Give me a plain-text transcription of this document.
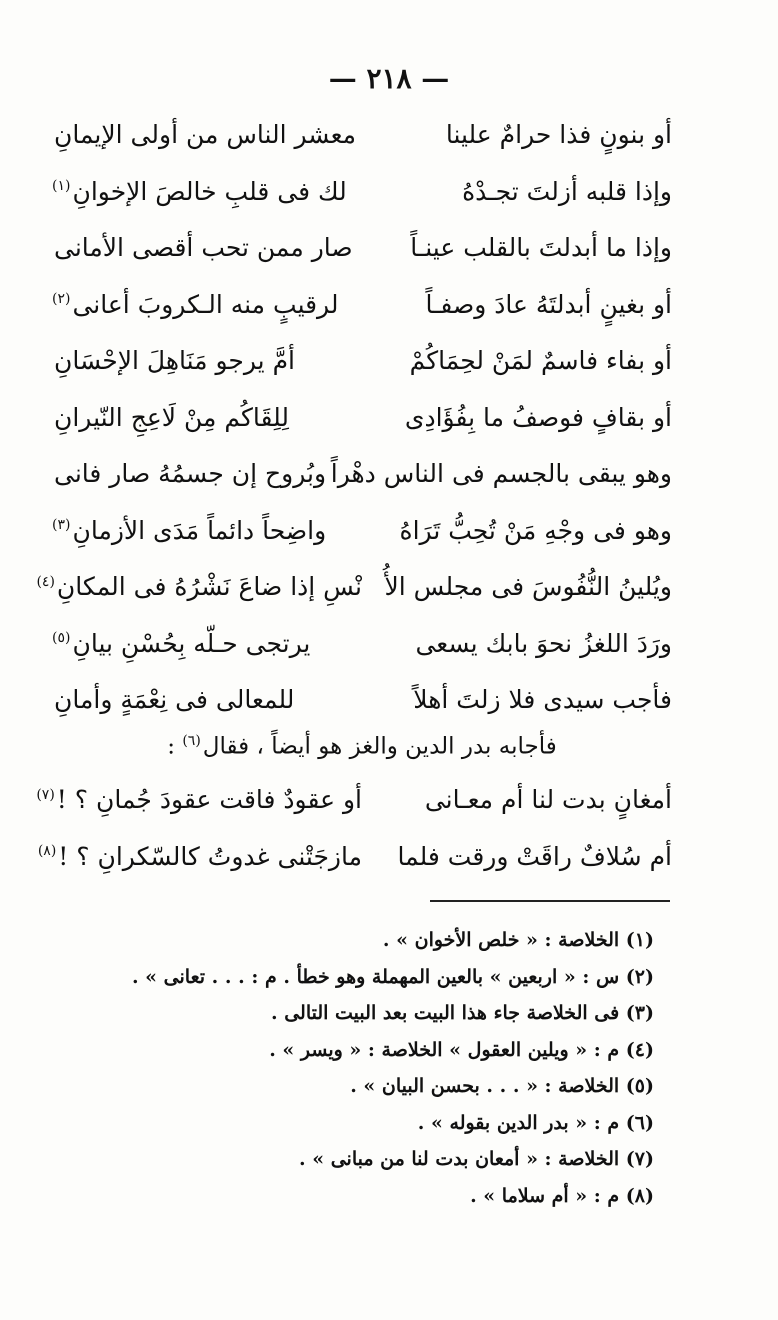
— ٢١٨ —
أو بنونٍ فذا حرامٌ علينا
معشر الناس من أولى الإيمانِ
وإذا قلبه أزلتَ تجـدْهُ
لك فى قلبِ خالصَ الإخوانِ$^{(١)}$
وإذا ما أبدلتَ بالقلب عينـاً
صار ممن تحب أقصى الأمانى
أو بغينٍ أبدلتَهُ عادَ وصفـاً
لرقيبٍ منه الـكروبَ أعانى$^{(٢)}$
أو بفاء فاسمٌ لمَنْ لحِمَاكُمْ
أمَّ يرجو مَنَاهِلَ الإحْسَانِ
أو بقافٍ فوصفُ ما بِفُؤَادِى
لِلِقَاكُم مِنْ لَاعِجِ النّيرانِ
وهو يبقى بالجسم فى الناس دهْراً
وبُروح إن جسمُهُ صار فانى
وهو فى وجْهِ مَنْ تُحِبُّ تَرَاهُ
واضِحاً دائماً مَدَى الأزمانِ$^{(٣)}$
ويُلينُ النُّفُوسَ فى مجلس الأُ
نْسِ إذا ضاعَ نَشْرُهُ فى المكانِ$^{(٤)}$
ورَدَ اللغزُ نحوَ بابك يسعى
يرتجى حـلّه بِحُسْنِ بيانِ$^{(٥)}$
فأجب سيدى فلا زلتَ أهلاً
للمعالى فى نِعْمَةٍ وأمانِ
فأجابه بدر الدين والغز هو أيضاً ، فقال$^{(٦)}$ :
أمغانٍ بدت لنا أم معـانى
أو عقودٌ فاقت عقودَ جُمانِ ؟ !$^{(٧)}$
أم سُلافٌ راقَتْ ورقت فلما
مازجَتْنى غدوتُ كالسّكرانِ ؟ !$^{(٨)}$
(١) الخلاصة : « خلص الأخوان » .
(٢) س : « اربعين » بالعين المهملة وهو خطأ . م : . . . تعانى » .
(٣) فى الخلاصة جاء هذا البيت بعد البيت التالى .
(٤) م : « ويلين العقول » الخلاصة : « ويسر » .
(٥) الخلاصة : « . . . بحسن البيان » .
(٦) م : « بدر الدين بقوله » .
(٧) الخلاصة : « أمعان بدت لنا من مبانى » .
(٨) م : « أم سلاما » .
